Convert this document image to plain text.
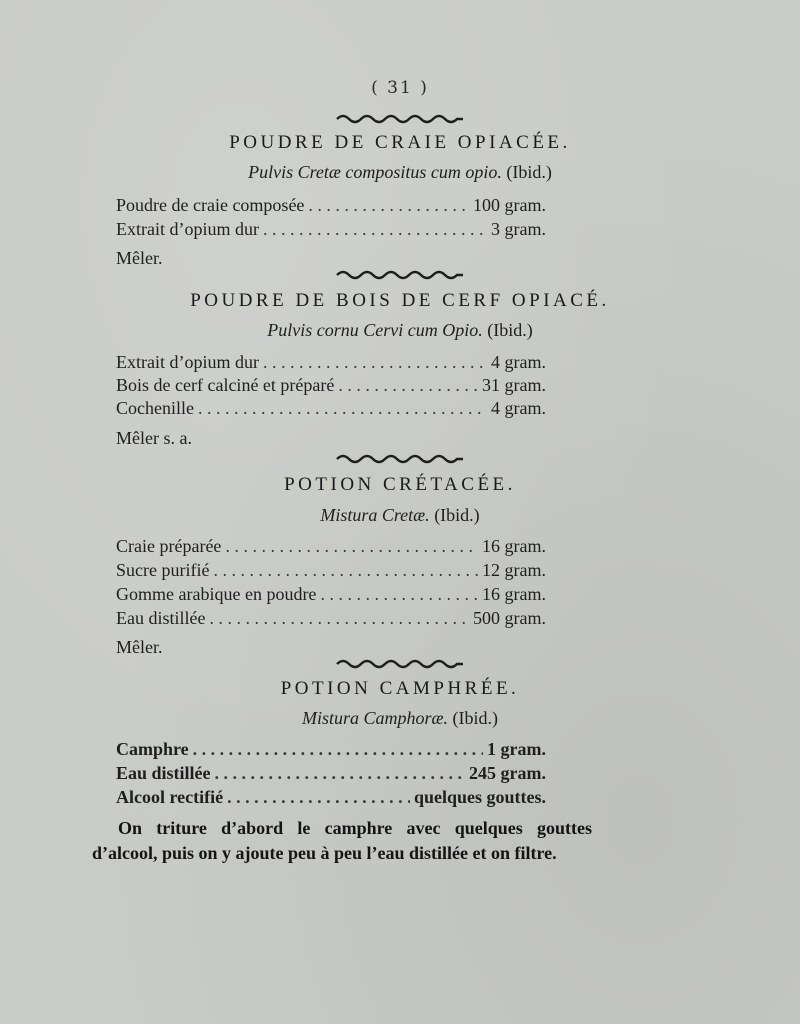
( 31 )
POUDRE DE CRAIE OPIACÉE.
Pulvis Cretæ compositus cum opio. (Ibid.)
Poudre de craie composée . . .	100 gram.
Extrait d’opium dur . . .	3 gram.
Mêler.
POUDRE DE BOIS DE CERF OPIACÉ.
Pulvis cornu Cervi cum Opio. (Ibid.)
Extrait d’opium dur . . .	4 gram.
Bois de cerf calciné et préparé . . .	31 gram.
Cochenille . . .	4 gram.
Mêler s. a.
POTION CRÉTACÉE.
Mistura Cretæ. (Ibid.)
Craie préparée . . .	16 gram.
Sucre purifié . . .	12 gram.
Gomme arabique en poudre . . .	16 gram.
Eau distillée . . .	500 gram.
Mêler.
POTION CAMPHRÉE.
Mistura Camphoræ. (Ibid.)
Camphre . . .	1 gram.
Eau distillée . . .	245 gram.
Alcool rectifié . . .	quelques gouttes.
On triture d’abord le camphre avec quelques gouttes d’alcool, puis on y ajoute peu à peu l’eau distillée et on filtre.
